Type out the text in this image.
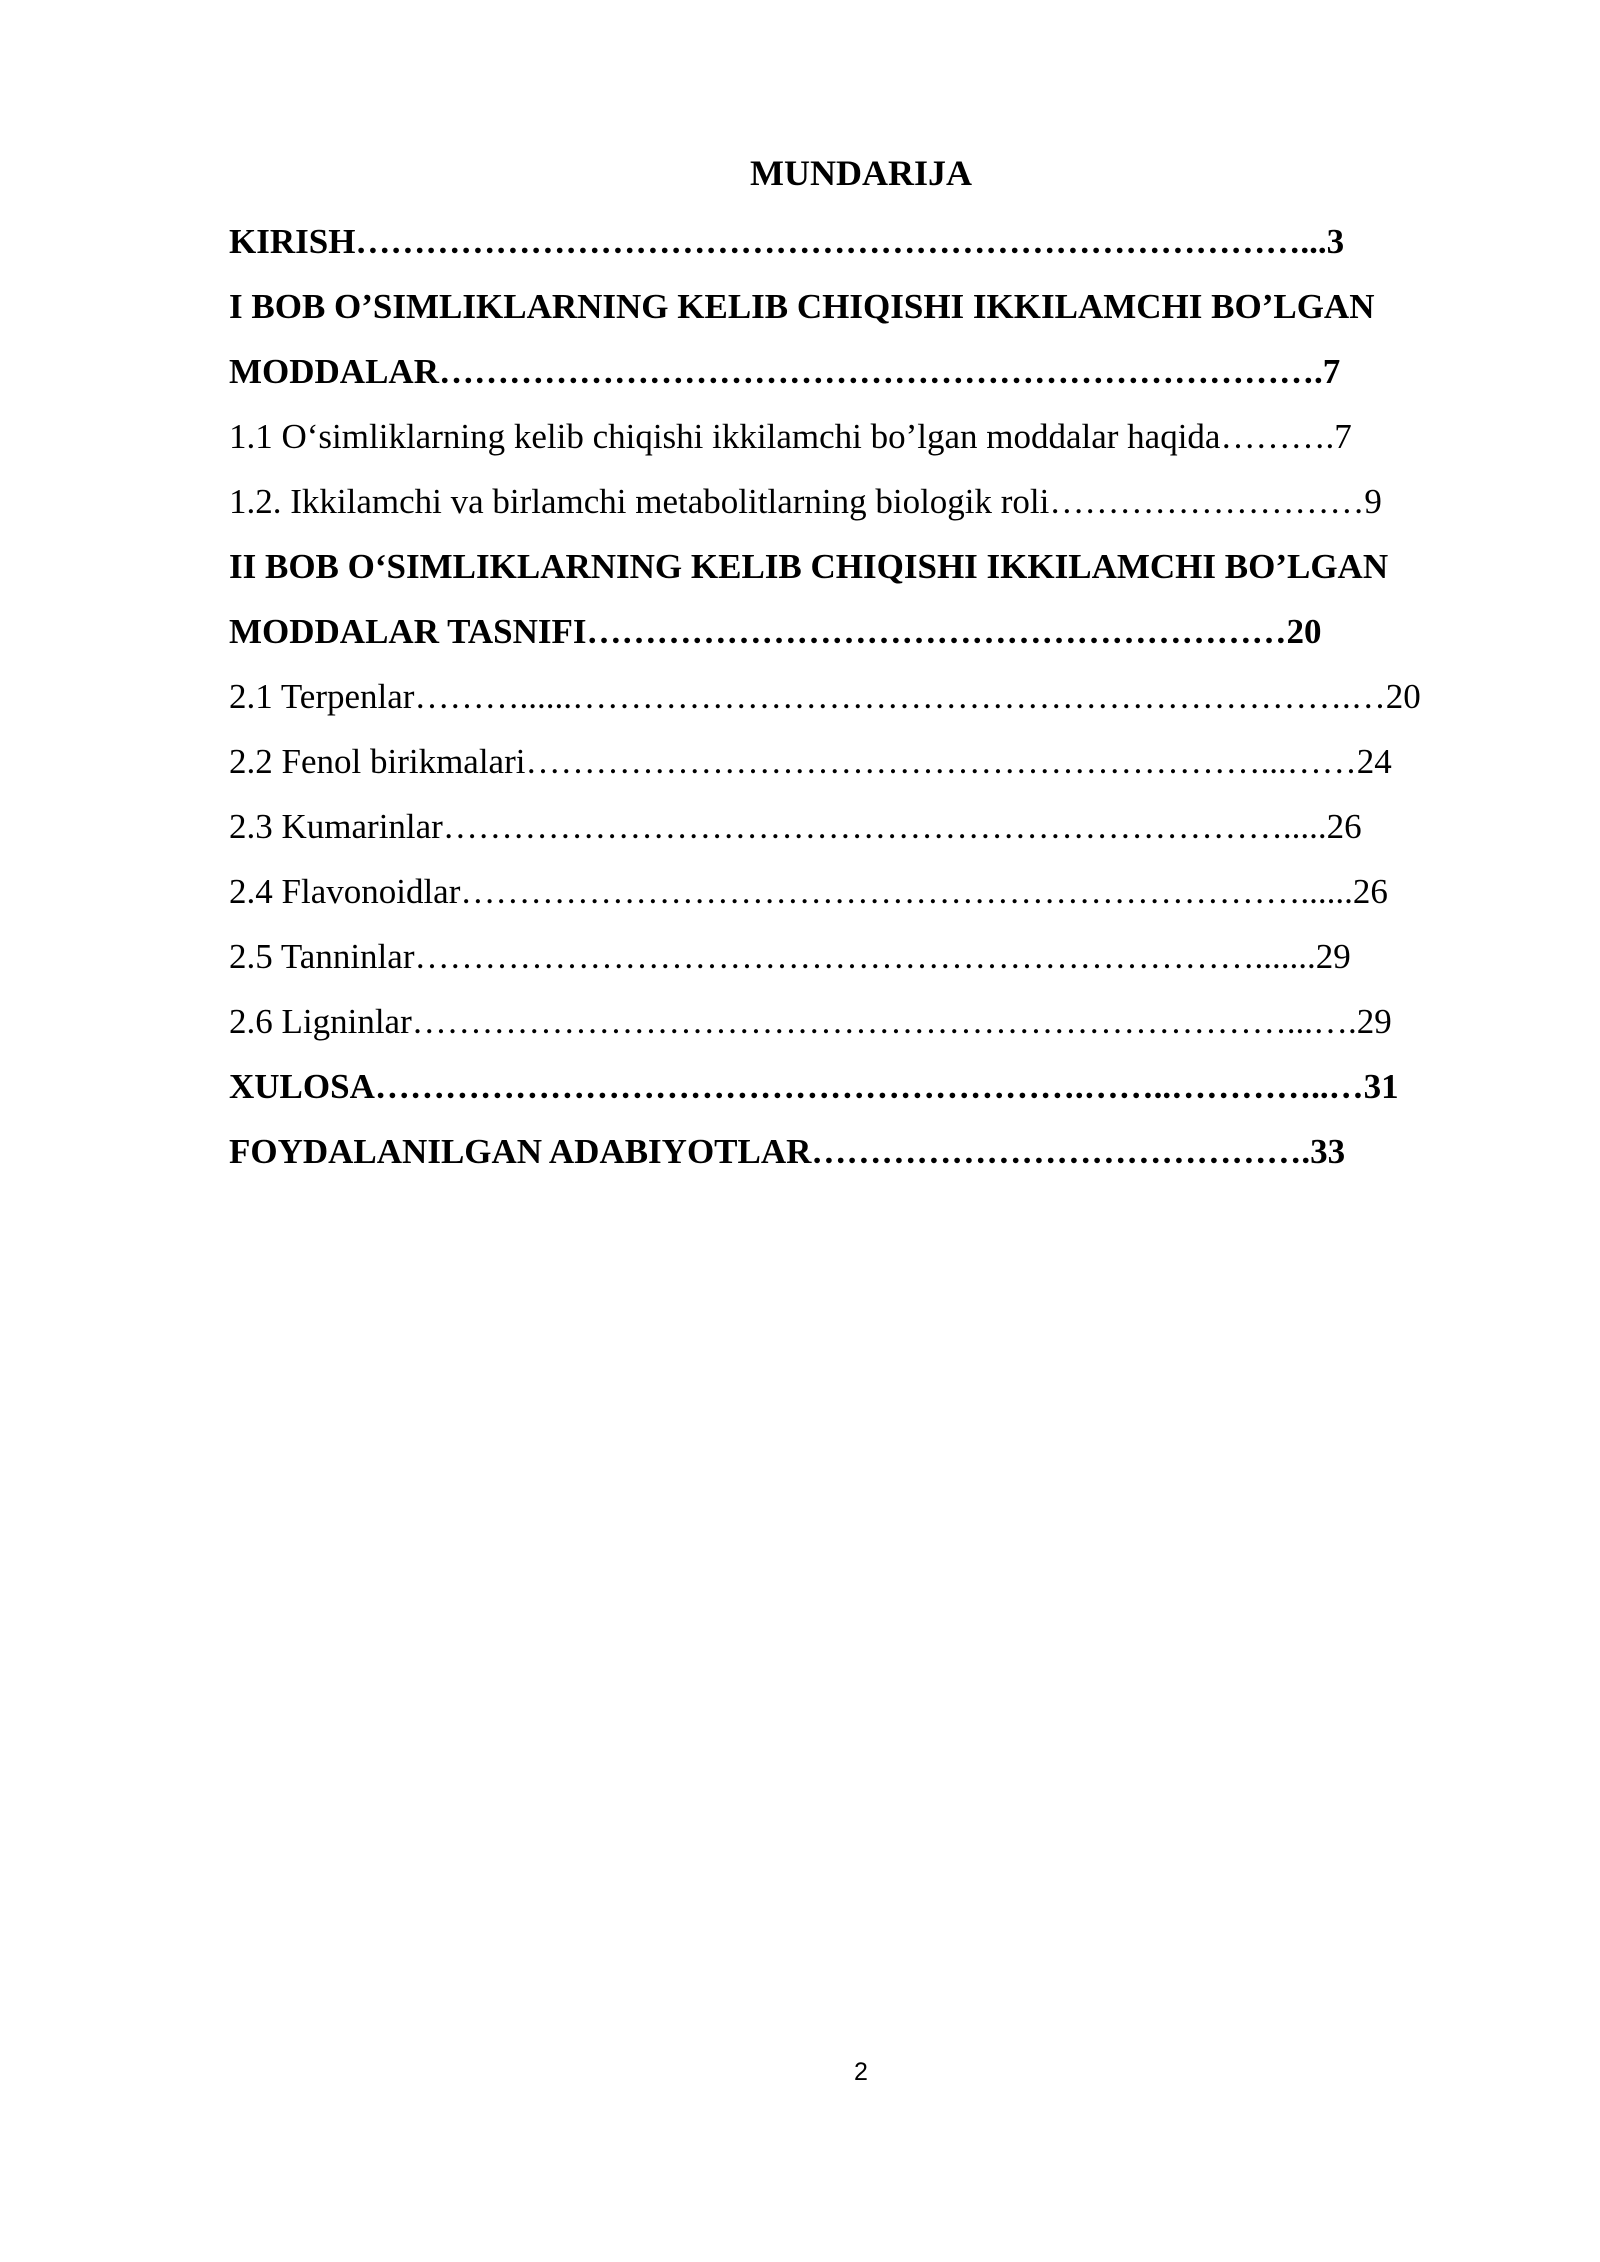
MUNDARIJA
KIRISH………………………………………………………………………...3
I BOB O’SIMLIKLARNING KELIB CHIQISHI IKKILAMCHI BO’LGAN
MODDALAR………………………………………………………………….7
1.1 O‘simliklarning kelib chiqishi ikkilamchi bo’lgan moddalar haqida……….7
1.2. Ikkilamchi va birlamchi metabolitlarning biologik roli………………………9
II BOB O‘SIMLIKLARNING KELIB CHIQISHI IKKILAMCHI BO’LGAN
MODDALAR TASNIFI……………………………………………………20
2.1 Terpenlar………......………………………………………………………….…20
2.2 Fenol birikmalari………………………………………………………...……24
2.3 Kumarinlar……………………………………………………………….....26
2.4 Flavonoidlar………………………………………………………………......26
2.5 Tanninlar……………………………………………………………….......29
2.6 Ligninlar…………………………………………………………………...….29
XULOSA…………………………………………………….……..…………..…31
FOYDALANILGAN ADABIYOTLAR…………………………………….33
2
